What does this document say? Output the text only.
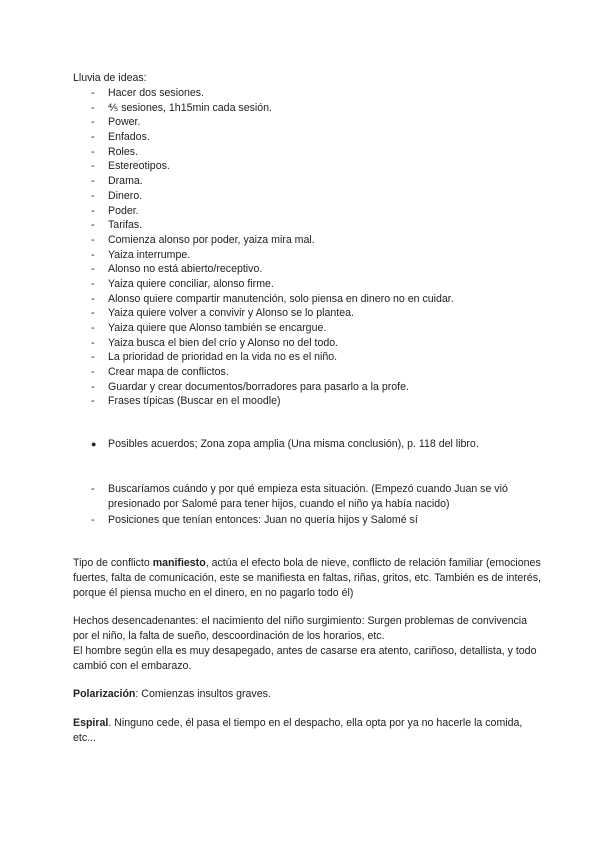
Lluvia de ideas:
- Hacer dos sesiones.
- ⅘ sesiones, 1h15min cada sesión.
- Power.
- Enfados.
- Roles.
- Estereotipos.
- Drama.
- Dinero.
- Poder.
- Tarifas.
- Comienza alonso por poder, yaiza mira mal.
- Yaiza interrumpe.
- Alonso no está abierto/receptivo.
- Yaiza quiere conciliar, alonso firme.
- Alonso quiere compartir manutención, solo piensa en dinero no en cuidar.
- Yaiza quiere volver a convivir y Alonso se lo plantea.
- Yaiza quiere que Alonso también se encargue.
- Yaiza busca el bien del crío y Alonso no del todo.
- La prioridad de prioridad en la vida no es el niño.
- Crear mapa de conflictos.
- Guardar y crear documentos/borradores para pasarlo a la profe.
- Frases típicas (Buscar en el moodle)
● Posibles acuerdos; Zona zopa amplia (Una misma conclusión), p. 118 del libro.
- Buscaríamos cuándo y por qué empieza esta situación. (Empezó cuando Juan se vió presionado por Salomé para tener hijos, cuando el niño ya había nacido)
- Posiciones que tenían entonces: Juan no quería hijos y Salomé sí
Tipo de conflicto manifiesto, actúa el efecto bola de nieve, conflicto de relación familiar (emociones fuertes, falta de comunicación, este se manifiesta en faltas, riñas, gritos, etc. También es de interés, porque él piensa mucho en el dinero, en no pagarlo todo él)
Hechos desencadenantes: el nacimiento del niño surgimiento: Surgen problemas de convivencia por el niño, la falta de sueño, descoordinación de los horarios, etc.
El hombre según ella es muy desapegado, antes de casarse era atento, cariñoso, detallista, y todo cambió con el embarazo.
Polarización: Comienzas insultos graves.
Espiral. Ninguno cede, él pasa el tiempo en el despacho, ella opta por ya no hacerle la comida, etc...
